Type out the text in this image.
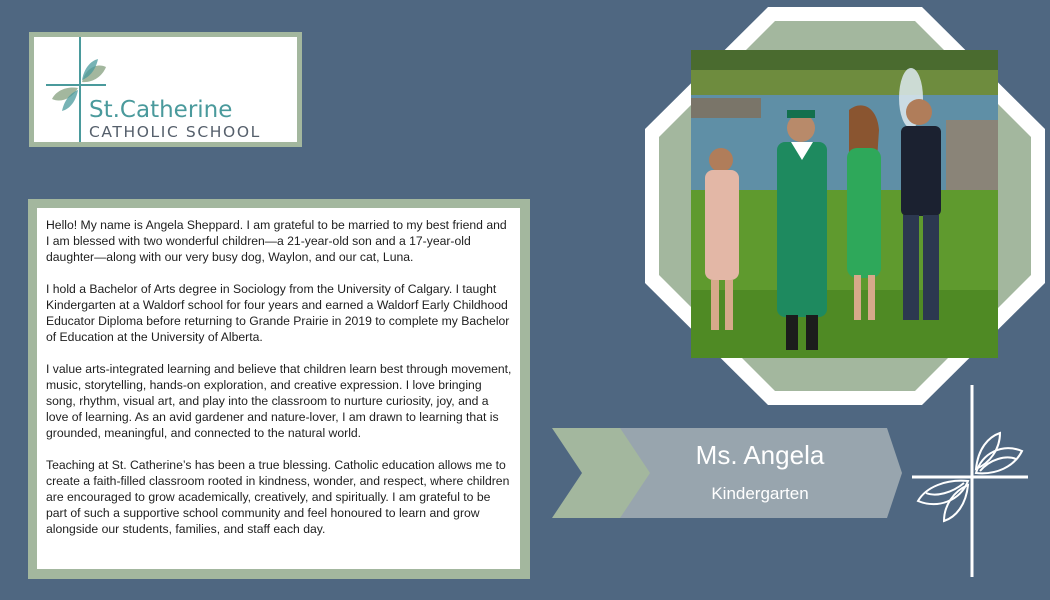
St.Catherine
CATHOLIC SCHOOL

Hello! My name is Angela Sheppard. I am grateful to be married to my best friend and I am blessed with two wonderful children—a 21-year-old son and a 17-year-old daughter—along with our very busy dog, Waylon, and our cat, Luna.

I hold a Bachelor of Arts degree in Sociology from the University of Calgary. I taught Kindergarten at a Waldorf school for four years and earned a Waldorf Early Childhood Educator Diploma before returning to Grande Prairie in 2019 to complete my Bachelor of Education at the University of Alberta.

I value arts-integrated learning and believe that children learn best through movement, music, storytelling, hands-on exploration, and creative expression. I love bringing song, rhythm, visual art, and play into the classroom to nurture curiosity, joy, and a love of learning. As an avid gardener and nature-lover, I am drawn to learning that is grounded, meaningful, and connected to the natural world.

Teaching at St. Catherine’s has been a true blessing. Catholic education allows me to create a faith-filled classroom rooted in kindness, wonder, and respect, where children are encouraged to grow academically, creatively, and spiritually. I am grateful to be part of such a supportive school community and feel honoured to learn and grow alongside our students, families, and staff each day.

Ms. Angela
Kindergarten
